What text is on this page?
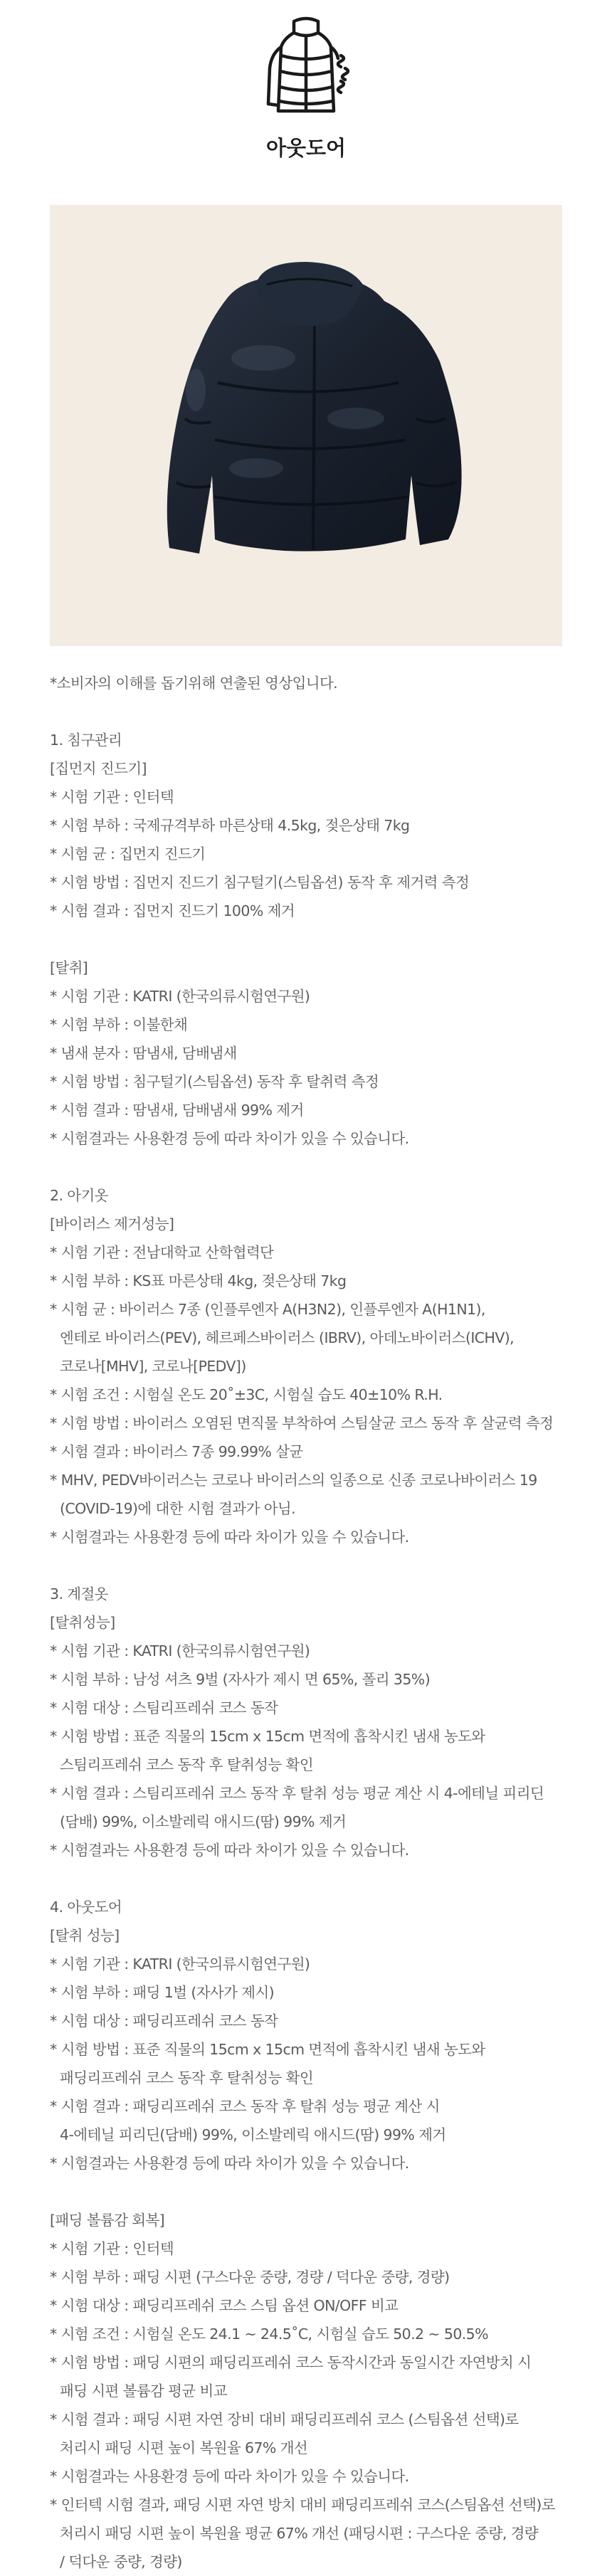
아웃도어
*소비자의 이해를 돕기위해 연출된 영상입니다.
1. 침구관리
[집먼지 진드기]
* 시험 기관 : 인터텍
* 시험 부하 : 국제규격부하 마른상태 4.5kg, 젖은상태 7kg
* 시험 균 : 집먼지 진드기
* 시험 방법 : 집먼지 진드기 침구털기(스팀옵션) 동작 후 제거력 측정
* 시험 결과 : 집먼지 진드기 100% 제거
[탈취]
* 시험 기관 : KATRI (한국의류시험연구원)
* 시험 부하 : 이불한채
* 냄새 분자 : 땀냄새, 담배냄새
* 시험 방법 : 침구털기(스팀옵션) 동작 후 탈취력 측정
* 시험 결과 : 땀냄새, 담배냄새 99% 제거
* 시험결과는 사용환경 등에 따라 차이가 있을 수 있습니다.
2. 아기옷
[바이러스 제거성능]
* 시험 기관 : 전남대학교 산학협력단
* 시험 부하 : KS표 마른상태 4kg, 젖은상태 7kg
* 시험 균 : 바이러스 7종 (인플루엔자 A(H3N2), 인플루엔자 A(H1N1),
엔테로 바이러스(PEV), 헤르페스바이러스 (IBRV), 아데노바이러스(ICHV),
코로나[MHV], 코로나[PEDV])
* 시험 조건 : 시험실 온도 20˚±3C, 시험실 습도 40±10% R.H.
* 시험 방법 : 바이러스 오염된 면직물 부착하여 스팀살균 코스 동작 후 살균력 측정
* 시험 결과 : 바이러스 7종 99.99% 살균
* MHV, PEDV바이러스는 코로나 바이러스의 일종으로 신종 코로나바이러스 19
(COVID-19)에 대한 시험 결과가 아님.
* 시험결과는 사용환경 등에 따라 차이가 있을 수 있습니다.
3. 계절옷
[탈취성능]
* 시험 기관 : KATRI (한국의류시험연구원)
* 시험 부하 : 남성 셔츠 9벌 (자사가 제시 면 65%, 폴리 35%)
* 시험 대상 : 스팀리프레쉬 코스 동작
* 시험 방법 : 표준 직물의 15cm x 15cm 면적에 흡착시킨 냄새 농도와
스팀리프레쉬 코스 동작 후 탈취성능 확인
* 시험 결과 : 스팀리프레쉬 코스 동작 후 탈취 성능 평균 계산 시 4-에테닐 피리딘
(담배) 99%, 이소발레릭 애시드(땀) 99% 제거
* 시험결과는 사용환경 등에 따라 차이가 있을 수 있습니다.
4. 아웃도어
[탈취 성능]
* 시험 기관 : KATRI (한국의류시험연구원)
* 시험 부하 : 패딩 1벌 (자사가 제시)
* 시험 대상 : 패딩리프레쉬 코스 동작
* 시험 방법 : 표준 직물의 15cm x 15cm 면적에 흡착시킨 냄새 농도와
패딩리프레쉬 코스 동작 후 탈취성능 확인
* 시험 결과 : 패딩리프레쉬 코스 동작 후 탈취 성능 평균 계산 시
4-에테닐 피리딘(담배) 99%, 이소발레릭 애시드(땀) 99% 제거
* 시험결과는 사용환경 등에 따라 차이가 있을 수 있습니다.
[패딩 볼륨감 회복]
* 시험 기관 : 인터텍
* 시험 부하 : 패딩 시편 (구스다운 중량, 경량 / 덕다운 중량, 경량)
* 시험 대상 : 패딩리프레쉬 코스 스팀 옵션 ON/OFF 비교
* 시험 조건 : 시험실 온도 24.1 ~ 24.5˚C, 시험실 습도 50.2 ~ 50.5%
* 시험 방법 : 패딩 시편의 패딩리프레쉬 코스 동작시간과 동일시간 자연방치 시
패딩 시편 볼륨감 평균 비교
* 시험 결과 : 패딩 시편 자연 장비 대비 패딩리프레쉬 코스 (스팀옵션 선택)로
처리시 패딩 시편 높이 복원율 67% 개선
* 시험결과는 사용환경 등에 따라 차이가 있을 수 있습니다.
* 인터텍 시험 결과, 패딩 시편 자연 방치 대비 패딩리프레쉬 코스(스팀옵션 선택)로
처리시 패딩 시편 높이 복원율 평균 67% 개선 (패딩시편 : 구스다운 중량, 경량
/ 덕다운 중량, 경량)
